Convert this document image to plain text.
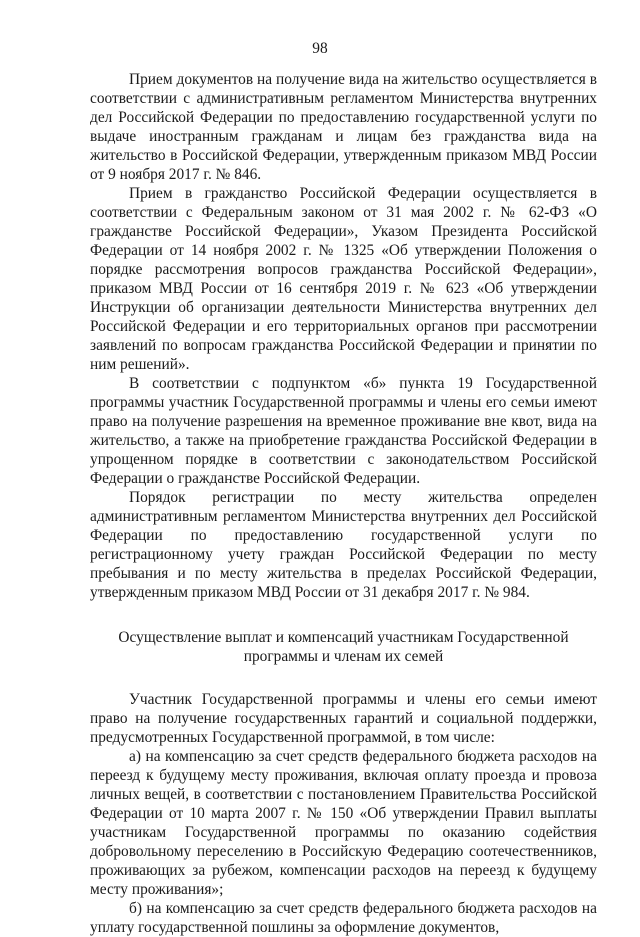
98

Прием документов на получение вида на жительство осуществляется в соответствии с административным регламентом Министерства внутренних дел Российской Федерации по предоставлению государственной услуги по выдаче иностранным гражданам и лицам без гражданства вида на жительство в Российской Федерации, утвержденным приказом МВД России от 9 ноября 2017 г. № 846.

Прием в гражданство Российской Федерации осуществляется в соответствии с Федеральным законом от 31 мая 2002 г. № 62-ФЗ «О гражданстве Российской Федерации», Указом Президента Российской Федерации от 14 ноября 2002 г. № 1325 «Об утверждении Положения о порядке рассмотрения вопросов гражданства Российской Федерации», приказом МВД России от 16 сентября 2019 г. № 623 «Об утверждении Инструкции об организации деятельности Министерства внутренних дел Российской Федерации и его территориальных органов при рассмотрении заявлений по вопросам гражданства Российской Федерации и принятии по ним решений».

В соответствии с подпунктом «б» пункта 19 Государственной программы участник Государственной программы и члены его семьи имеют право на получение разрешения на временное проживание вне квот, вида на жительство, а также на приобретение гражданства Российской Федерации в упрощенном порядке в соответствии с законодательством Российской Федерации о гражданстве Российской Федерации.

Порядок регистрации по месту жительства определен административным регламентом Министерства внутренних дел Российской Федерации по предоставлению государственной услуги по регистрационному учету граждан Российской Федерации по месту пребывания и по месту жительства в пределах Российской Федерации, утвержденным приказом МВД России от 31 декабря 2017 г. № 984.

Осуществление выплат и компенсаций участникам Государственной
программы и членам их семей

Участник Государственной программы и члены его семьи имеют право на получение государственных гарантий и социальной поддержки, предусмотренных Государственной программой, в том числе:

а) на компенсацию за счет средств федерального бюджета расходов на переезд к будущему месту проживания, включая оплату проезда и провоза личных вещей, в соответствии с постановлением Правительства Российской Федерации от 10 марта 2007 г. № 150 «Об утверждении Правил выплаты участникам Государственной программы по оказанию содействия добровольному переселению в Российскую Федерацию соотечественников, проживающих за рубежом, компенсации расходов на переезд к будущему месту проживания»;

б) на компенсацию за счет средств федерального бюджета расходов на уплату государственной пошлины за оформление документов,
